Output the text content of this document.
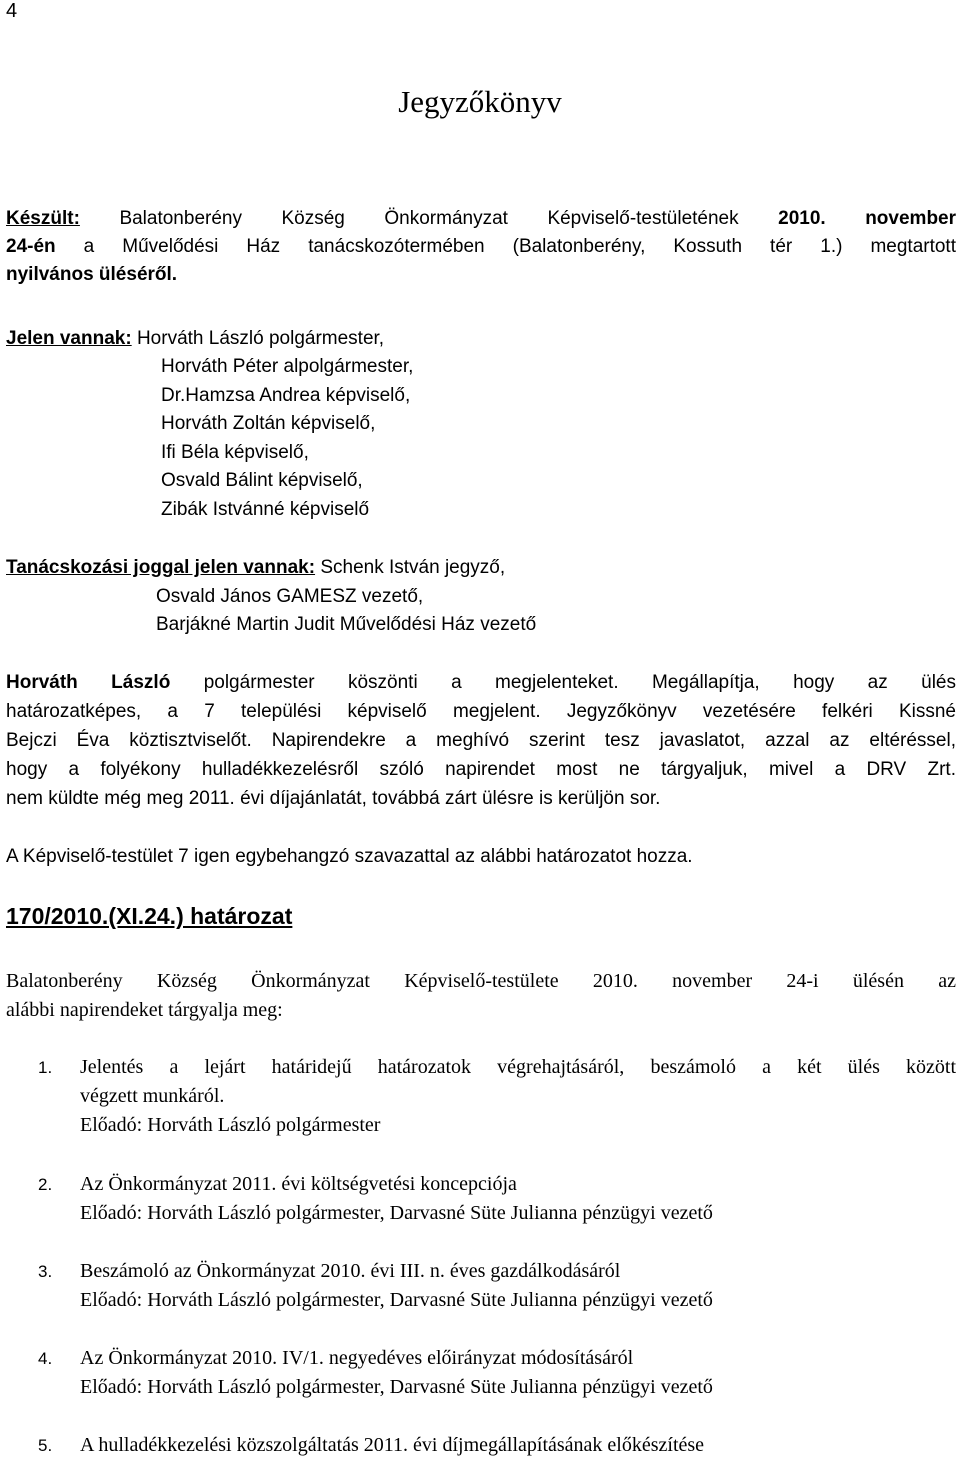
4
Jegyzőkönyv
Készült: Balatonberény Község Önkormányzat Képviselő-testületének 2010. november
24-én a Művelődési Ház tanácskozótermében (Balatonberény, Kossuth tér 1.) megtartott
nyilvános üléséről.
Jelen vannak: Horváth László polgármester,
Horváth Péter alpolgármester,
Dr.Hamzsa Andrea képviselő,
Horváth Zoltán képviselő,
Ifi Béla képviselő,
Osvald Bálint képviselő,
Zibák Istvánné képviselő
Tanácskozási joggal jelen vannak: Schenk István jegyző,
Osvald János GAMESZ vezető,
Barjákné Martin Judit Művelődési Ház vezető
Horváth László polgármester köszönti a megjelenteket. Megállapítja, hogy az ülés
határozatképes, a 7 települési képviselő megjelent. Jegyzőkönyv vezetésére felkéri Kissné
Bejczi Éva köztisztviselőt. Napirendekre a meghívó szerint tesz javaslatot, azzal az eltéréssel,
hogy a folyékony hulladékkezelésről szóló napirendet most ne tárgyaljuk, mivel a DRV Zrt.
nem küldte még meg 2011. évi díjajánlatát, továbbá zárt ülésre is kerüljön sor.
A Képviselő-testület 7 igen egybehangzó szavazattal az alábbi határozatot hozza.
170/2010.(XI.24.) határozat
Balatonberény Község Önkormányzat Képviselő-testülete 2010. november 24-i ülésén az
alábbi napirendeket tárgyalja meg:
1. Jelentés a lejárt határidejű határozatok végrehajtásáról, beszámoló a két ülés között
végzett munkáról.
Előadó: Horváth László polgármester
2. Az Önkormányzat 2011. évi költségvetési koncepciója
Előadó: Horváth László polgármester, Darvasné Süte Julianna pénzügyi vezető
3. Beszámoló az Önkormányzat 2010. évi III. n. éves gazdálkodásáról
Előadó: Horváth László polgármester, Darvasné Süte Julianna pénzügyi vezető
4. Az Önkormányzat 2010. IV/1. negyedéves előirányzat módosításáról
Előadó: Horváth László polgármester, Darvasné Süte Julianna pénzügyi vezető
5. A hulladékkezelési közszolgáltatás 2011. évi díjmegállapításának előkészítése
